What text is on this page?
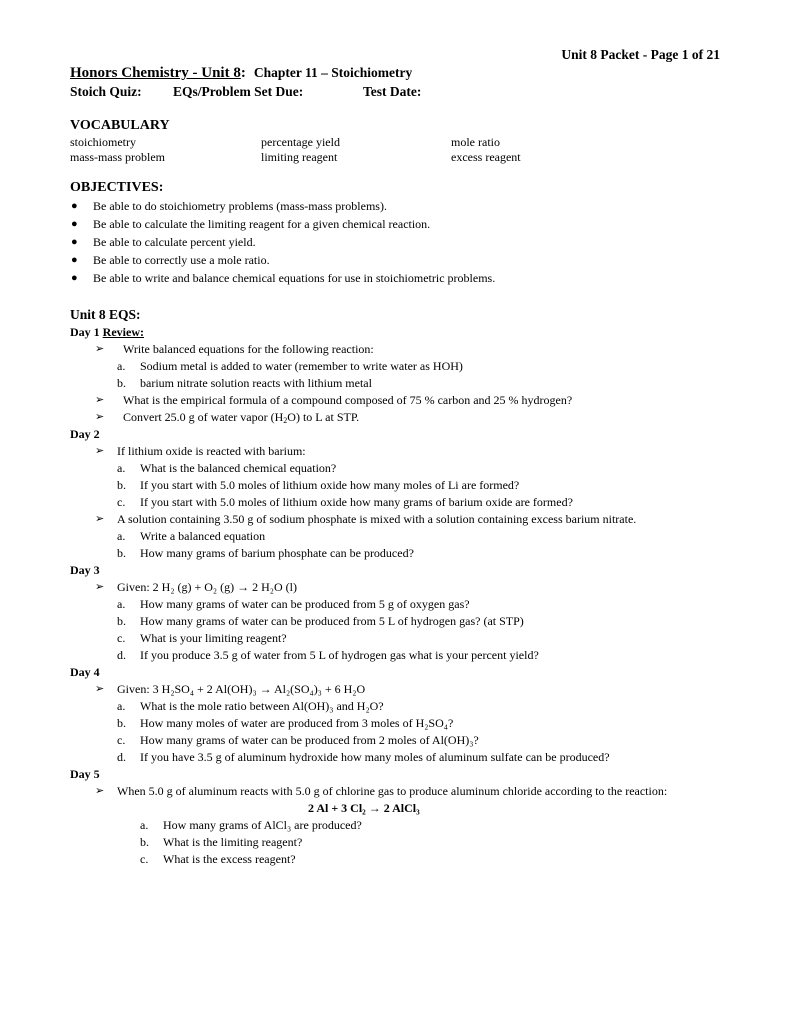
Unit 8 Packet - Page 1 of 21
Honors Chemistry - Unit 8: Chapter 11 – Stoichiometry
Stoich Quiz: EQs/Problem Set Due:	Test Date:
VOCABULARY
stoichiometry	percentage yield	mole ratio
mass-mass problem	limiting reagent	excess reagent
OBJECTIVES:
● Be able to do stoichiometry problems (mass-mass problems).
● Be able to calculate the limiting reagent for a given chemical reaction.
● Be able to calculate percent yield.
● Be able to correctly use a mole ratio.
● Be able to write and balance chemical equations for use in stoichiometric problems.
Unit 8 EQS:
Day 1 Review:
➢ Write balanced equations for the following reaction:
a. Sodium metal is added to water (remember to write water as HOH)
b. barium nitrate solution reacts with lithium metal
➢ What is the empirical formula of a compound composed of 75 % carbon and 25 % hydrogen?
➢ Convert 25.0 g of water vapor $(H_2O)$ to L at STP.
Day 2
➢ If lithium oxide is reacted with barium:
a. What is the balanced chemical equation?
b. If you start with 5.0 moles of lithium oxide how many moles of Li are formed?
c. If you start with 5.0 moles of lithium oxide how many grams of barium oxide are formed?
➢ A solution containing 3.50 g of sodium phosphate is mixed with a solution containing excess barium nitrate.
a. Write a balanced equation
b. How many grams of barium phosphate can be produced?
Day 3
➢ Given: 2 H₂ (g) + O₂ (g) → 2 H₂O (l)
a. How many grams of water can be produced from 5 g of oxygen gas?
b. How many grams of water can be produced from 5 L of hydrogen gas? (at STP)
c. What is your limiting reagent?
d. If you produce 3.5 g of water from 5 L of hydrogen gas what is your percent yield?
Day 4
➢ Given: 3 H₂SO₄ + 2 Al(OH)₃ → Al₂(SO₄)₃ + 6 H₂O
a. What is the mole ratio between Al(OH)₃ and H₂O?
b. How many moles of water are produced from 3 moles of H₂SO₄?
c. How many grams of water can be produced from 2 moles of Al(OH)₃?
d. If you have 3.5 g of aluminum hydroxide how many moles of aluminum sulfate can be produced?
Day 5
➢ When 5.0 g of aluminum reacts with 5.0 g of chlorine gas to produce aluminum chloride according to the reaction:
2 Al + 3 Cl₂ → 2 AlCl₃
a. How many grams of AlCl₃ are produced?
b. What is the limiting reagent?
c. What is the excess reagent?
